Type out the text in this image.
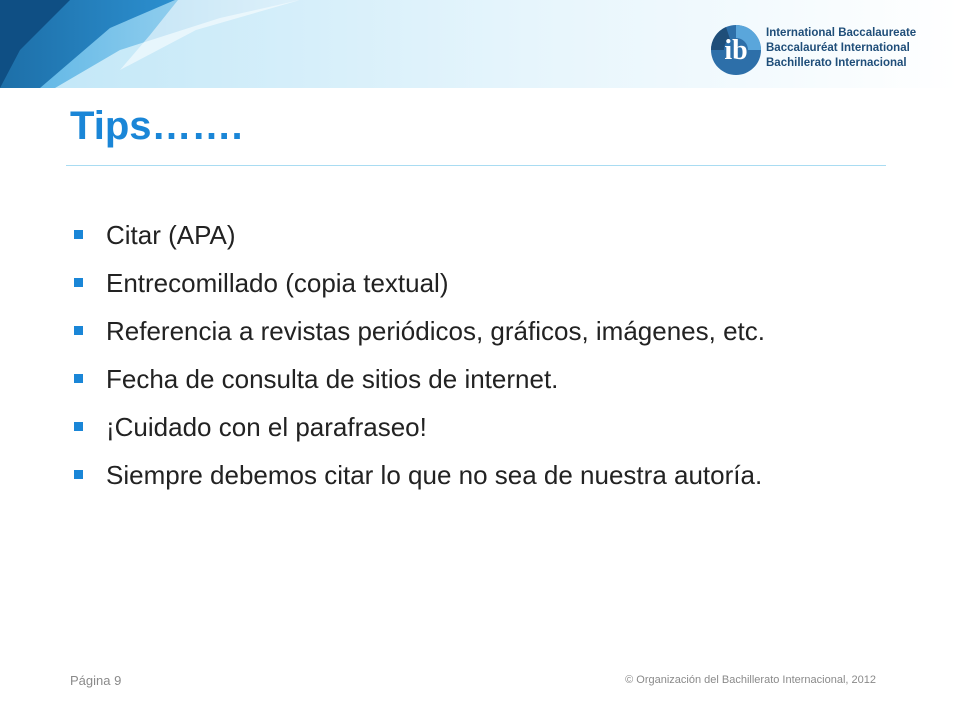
ib
International Baccalaureate
Baccalauréat International
Bachillerato Internacional
Tips…….
Citar (APA)
Entrecomillado (copia textual)
Referencia a revistas periódicos, gráficos, imágenes, etc.
Fecha de consulta de sitios de internet.
¡Cuidado con el parafraseo!
Siempre debemos citar lo que no sea de nuestra autoría.
Página 9	© Organización del Bachillerato Internacional, 2012
